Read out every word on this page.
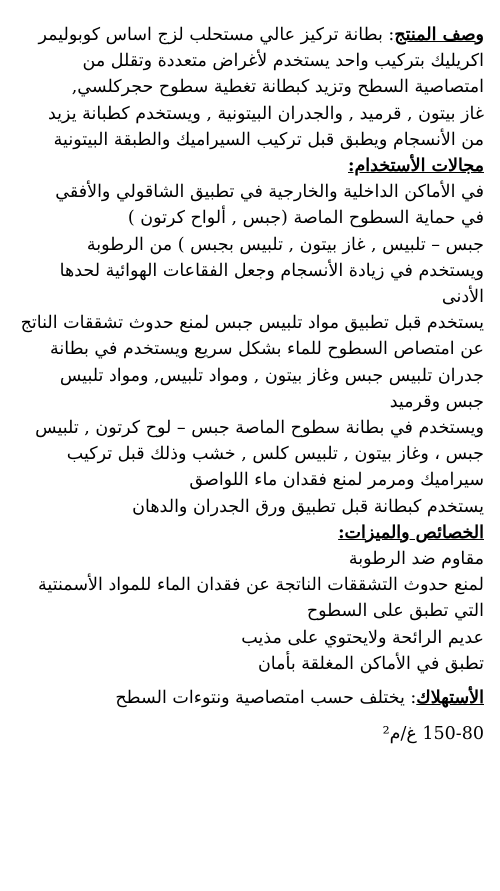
وصف المنتج: بطانة تركيز عالي مستحلب لزج اساس كوبوليمر
اكريليك بتركيب واحد يستخدم لأغراض متعددة وتقلل من
امتصاصية السطح وتزيد كبطانة تغطية سطوح حجركلسي,
غاز بيتون , قرميد , والجدران البيتونية , ويستخدم كطبانة يزيد
من الأنسجام ويطبق قبل تركيب السيراميك والطبقة البيتونية
مجالات الأستخدام:
في الأماكن الداخلية والخارجية في تطبيق الشاقولي والأفقي
في حماية السطوح الماصة (جبس , ألواح كرتون )
جبس – تلبيس , غاز بيتون , تلبيس بجبس ) من الرطوبة
ويستخدم في زيادة الأنسجام وجعل الفقاعات الهوائية لحدها
الأدنى
يستخدم قبل تطبيق مواد تلبيس جبس لمنع حدوث تشققات الناتج
عن امتصاص السطوح للماء بشكل سريع ويستخدم في بطانة
جدران تلبيس جبس وغاز بيتون , ومواد تلبيس, ومواد تلبيس
جبس وقرميد
ويستخدم في بطانة سطوح الماصة جبس – لوح كرتون , تلبيس
جبس ، وغاز بيتون , تلبيس كلس , خشب وذلك قبل تركيب
سيراميك ومرمر لمنع فقدان ماء اللواصق
يستخدم كبطانة قبل تطبيق ورق الجدران والدهان
الخصائص والميزات:
مقاوم ضد الرطوبة
لمنع حدوث التشققات الناتجة عن فقدان الماء للمواد الأسمنتية
التي تطبق على السطوح
عديم الرائحة ولايحتوي على مذيب
تطبق في الأماكن المغلقة بأمان
الأستهلاك: يختلف حسب امتصاصية ونتوءات السطح
150-80 غ/م²
